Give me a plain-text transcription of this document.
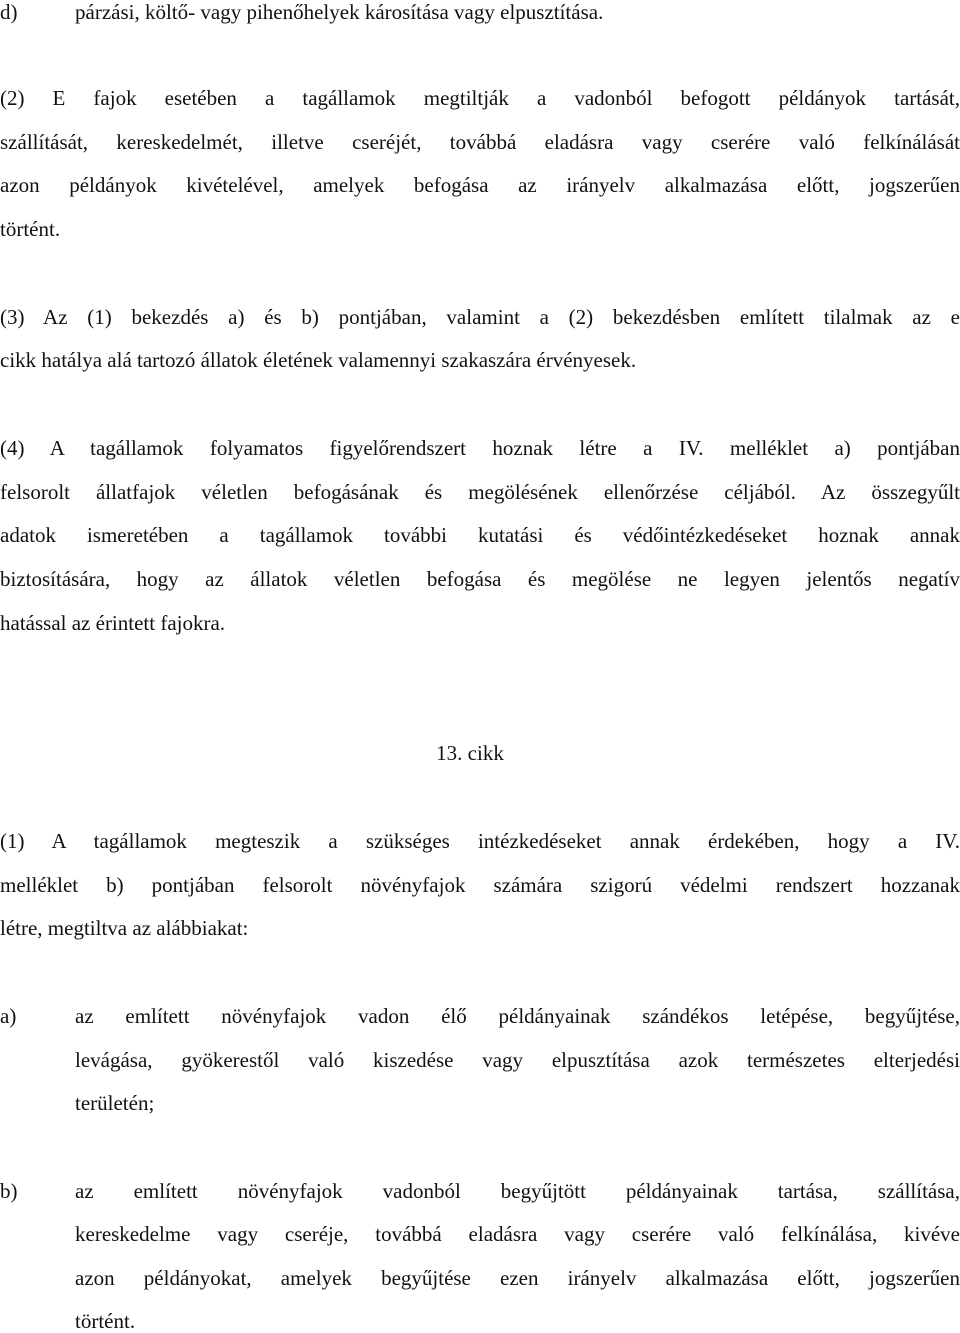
d)	párzási, költő- vagy pihenőhelyek károsítása vagy elpusztítása.
(2) E fajok esetében a tagállamok megtiltják a vadonból befogott példányok tartását,
szállítását, kereskedelmét, illetve cseréjét, továbbá eladásra vagy cserére való felkínálását
azon példányok kivételével, amelyek befogása az irányelv alkalmazása előtt, jogszerűen
történt.
(3) Az (1) bekezdés a) és b) pontjában, valamint a (2) bekezdésben említett tilalmak az e
cikk hatálya alá tartozó állatok életének valamennyi szakaszára érvényesek.
(4) A tagállamok folyamatos figyelőrendszert hoznak létre a IV. melléklet a) pontjában
felsorolt állatfajok véletlen befogásának és megölésének ellenőrzése céljából. Az összegyűlt
adatok ismeretében a tagállamok további kutatási és védőintézkedéseket hoznak annak
biztosítására, hogy az állatok véletlen befogása és megölése ne legyen jelentős negatív
hatással az érintett fajokra.
13. cikk
(1) A tagállamok megteszik a szükséges intézkedéseket annak érdekében, hogy a IV.
melléklet b) pontjában felsorolt növényfajok számára szigorú védelmi rendszert hozzanak
létre, megtiltva az alábbiakat:
a)	az említett növényfajok vadon élő példányainak szándékos letépése, begyűjtése,
levágása, gyökerestől való kiszedése vagy elpusztítása azok természetes elterjedési
területén;
b)	az említett növényfajok vadonból begyűjtött példányainak tartása, szállítása,
kereskedelme vagy cseréje, továbbá eladásra vagy cserére való felkínálása, kivéve
azon példányokat, amelyek begyűjtése ezen irányelv alkalmazása előtt, jogszerűen
történt.
